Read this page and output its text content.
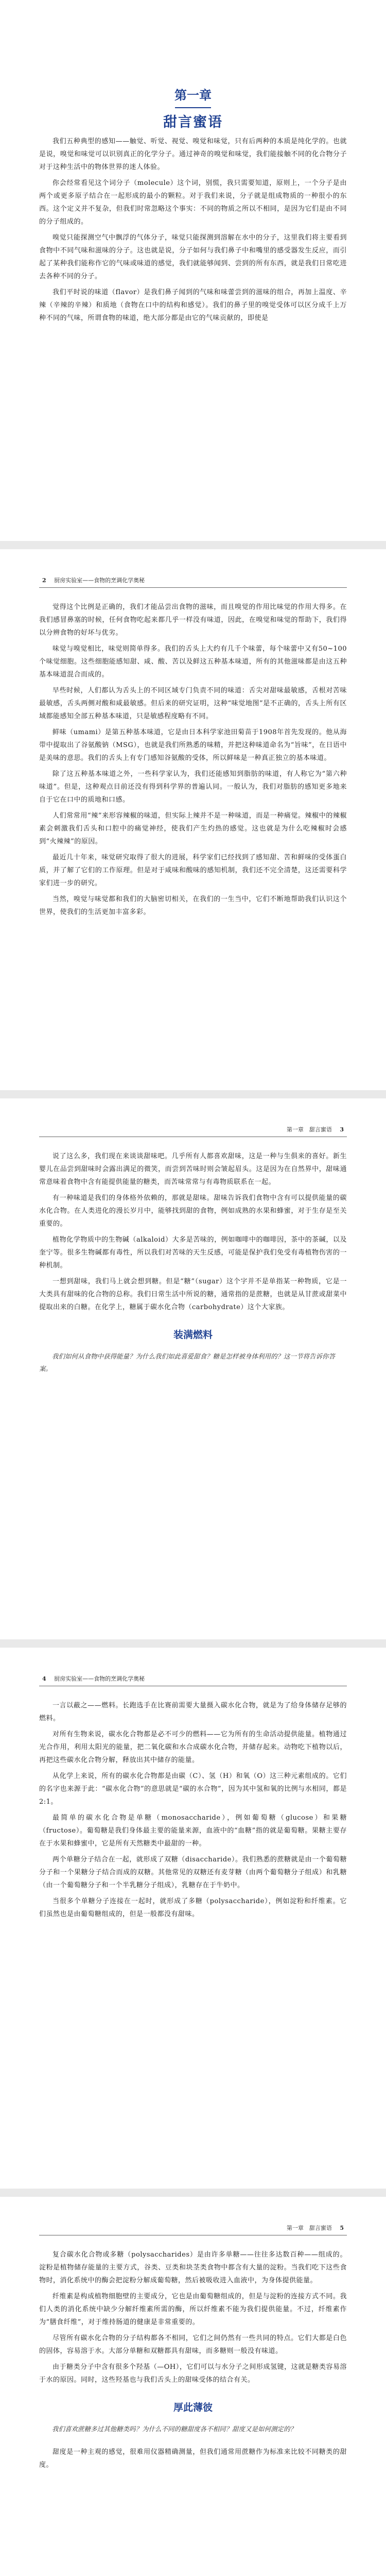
第一章
甜言蜜语

我们五种典型的感知——触觉、听觉、视觉、嗅觉和味觉，只有后两种的本质是纯化学的。也就是说，嗅觉和味觉可以识别真正的化学分子。通过神奇的嗅觉和味觉，我们能接触不同的化合物分子对于这种生活中的物体世界的迷人体验。

你会经常看见这个词分子（molecule）这个词，别慌，我只需要知道，原则上，一个分子是由两个或更多原子结合在一起形成的最小的颗粒。对于我们来说，分子就是组成物质的一种很小的东西。这个定义并不复杂，但我们时常忽略这个事实：不同的物质之所以不相同，是因为它们是由不同的分子组成的。

嗅觉只能探测空气中飘浮的气体分子，味觉只能探测到溶解在水中的分子，这里我们将主要看到食物中不同气味和滋味的分子。这也就是说，分子如何与我们鼻子中和嘴里的感受器发生反应，而引起了某种我们能称作它的气味或味道的感觉，我们就能够闻到、尝到的所有东西，就是我们日常吃进去各种不同的分子。

我们平时说的味道（flavor）是我们鼻子闻到的气味和味蕾尝到的滋味的组合，再加上温度、辛辣（辛辣的辛辣）和质地（食物在口中的结构和感觉）。我们的鼻子里的嗅觉受体可以区分成千上万种不同的气味，所谓食物的味道，绝大部分都是由它的气味贡献的，即使是

2 厨房实验室——食物的烹调化学奥秘

觉得这个比例是正确的，我们才能品尝出食物的滋味，而且嗅觉的作用比味觉的作用大得多。在我们感冒鼻塞的时候，任何食物吃起来都几乎一样没有味道，因此，在嗅觉和味觉的帮助下，我们得以分辨食物的好坏与优劣。

味觉与嗅觉相比，味觉则简单得多。我们的舌头上大约有几千个味蕾，每个味蕾中又有50~100个味觉细胞。这些细胞能感知甜、咸、酸、苦以及鲜这五种基本味道，所有的其他滋味都是由这五种基本味道混合而成的。

早些时候，人们都认为舌头上的不同区域专门负责不同的味道：舌尖对甜味最敏感，舌根对苦味最敏感，舌头两侧对酸和咸最敏感。但后来的研究证明，这种“味觉地图”是不正确的，舌头上所有区域都能感知全部五种基本味道，只是敏感程度略有不同。

鲜味（umami）是第五种基本味道，它是由日本科学家池田菊苗于1908年首先发现的。他从海带中提取出了谷氨酸钠（MSG），也就是我们所熟悉的味精，并把这种味道命名为“旨味”，在日语中是美味的意思。我们的舌头上有专门感知谷氨酸的受体，所以鲜味是一种真正独立的基本味道。

除了这五种基本味道之外，一些科学家认为，我们还能感知到脂肪的味道，有人称它为“第六种味道”。但是，这种观点目前还没有得到科学界的普遍认同。一般认为，我们对脂肪的感知更多地来自于它在口中的质地和口感。

人们常常用“辣”来形容辣椒的味道，但实际上辣并不是一种味道，而是一种痛觉。辣椒中的辣椒素会刺激我们舌头和口腔中的痛觉神经，使我们产生灼热的感觉。这也就是为什么吃辣椒时会感到“火辣辣”的原因。

最近几十年来，味觉研究取得了很大的进展，科学家们已经找到了感知甜、苦和鲜味的受体蛋白质，并了解了它们的工作原理。但是对于咸味和酸味的感知机制，我们还不完全清楚，这还需要科学家们进一步的研究。

当然，嗅觉与味觉都和我们的大脑密切相关，在我们的一生当中，它们不断地帮助我们认识这个世界，使我们的生活更加丰富多彩。

第一章　甜言蜜语 3

说了这么多，我们现在来谈谈甜味吧。几乎所有人都喜欢甜味，这是一种与生俱来的喜好。新生婴儿在品尝到甜味时会露出满足的微笑，而尝到苦味时则会皱起眉头。这是因为在自然界中，甜味通常意味着食物中含有能提供能量的糖类，而苦味常常与有毒物质联系在一起。

有一种味道是我们的身体格外依赖的，那就是甜味。甜味告诉我们食物中含有可以提供能量的碳水化合物。在人类进化的漫长岁月中，能够找到甜的食物，例如成熟的水果和蜂蜜，对于生存是至关重要的。

植物化学物质中的生物碱（alkaloid）大多是苦味的，例如咖啡中的咖啡因，茶中的茶碱，以及奎宁等。很多生物碱都有毒性，所以我们对苦味的天生反感，可能是保护我们免受有毒植物伤害的一种机制。

一想到甜味，我们马上就会想到糖。但是“糖”（sugar）这个字并不是单指某一种物质，它是一大类具有甜味的化合物的总称。我们日常生活中所说的糖，通常指的是蔗糖，也就是从甘蔗或甜菜中提取出来的白糖。在化学上，糖属于碳水化合物（carbohydrate）这个大家族。

装满燃料

我们如何从食物中获得能量？为什么我们如此喜爱甜食？糖是怎样被身体利用的？这一节将告诉你答案。

4 厨房实验室——食物的烹调化学奥秘

一言以蔽之——燃料。长跑选手在比赛前需要大量摄入碳水化合物，就是为了给身体储存足够的燃料。

对所有生物来说，碳水化合物都是必不可少的燃料——它为所有的生命活动提供能量。植物通过光合作用，利用太阳光的能量，把二氧化碳和水合成碳水化合物，并储存起来。动物吃下植物以后，再把这些碳水化合物分解，释放出其中储存的能量。

从化学上来说，所有的碳水化合物都是由碳（C）、氢（H）和氧（O）这三种元素组成的。它们的名字也来源于此：“碳水化合物”的意思就是“碳的水合物”，因为其中氢和氧的比例与水相同，都是2:1。

最简单的碳水化合物是单糖（monosaccharide），例如葡萄糖（glucose）和果糖（fructose）。葡萄糖是我们身体最主要的能量来源，血液中的“血糖”指的就是葡萄糖。果糖主要存在于水果和蜂蜜中，它是所有天然糖类中最甜的一种。

两个单糖分子结合在一起，就形成了双糖（disaccharide）。我们熟悉的蔗糖就是由一个葡萄糖分子和一个果糖分子结合而成的双糖。其他常见的双糖还有麦芽糖（由两个葡萄糖分子组成）和乳糖（由一个葡萄糖分子和一个半乳糖分子组成），乳糖存在于牛奶中。

当很多个单糖分子连接在一起时，就形成了多糖（polysaccharide），例如淀粉和纤维素。它们虽然也是由葡萄糖组成的，但是一般都没有甜味。

第一章　甜言蜜语 5

复合碳水化合物或多糖（polysaccharides）是由许多单糖——往往多达数百种——组成的。淀粉是植物储存能量的主要方式，谷类、豆类和块茎类食物中都含有大量的淀粉。当我们吃下这些食物时，消化系统中的酶会把淀粉分解成葡萄糖，然后被吸收进入血液中，为身体提供能量。

纤维素是构成植物细胞壁的主要成分，它也是由葡萄糖组成的，但是与淀粉的连接方式不同。我们人类的消化系统中缺少分解纤维素所需的酶，所以纤维素不能为我们提供能量。不过，纤维素作为“膳食纤维”，对于维持肠道的健康是非常重要的。

尽管所有碳水化合物的分子结构都各不相同，它们之间仍然有一些共同的特点。它们大都是白色的固体，容易溶于水。大部分单糖和双糖都具有甜味，而多糖则一般没有味道。

由于糖类分子中含有很多个羟基（—OH），它们可以与水分子之间形成氢键，这就是糖类容易溶于水的原因。同时，这些羟基也与我们舌头上的甜味受体的结合有关。

厚此薄彼

我们喜欢蔗糖多过其他糖类吗？为什么不同的糖甜度各不相同？甜度又是如何测定的？

甜度是一种主观的感觉，很难用仪器精确测量，但我们通常用蔗糖作为标准来比较不同糖类的甜度。
